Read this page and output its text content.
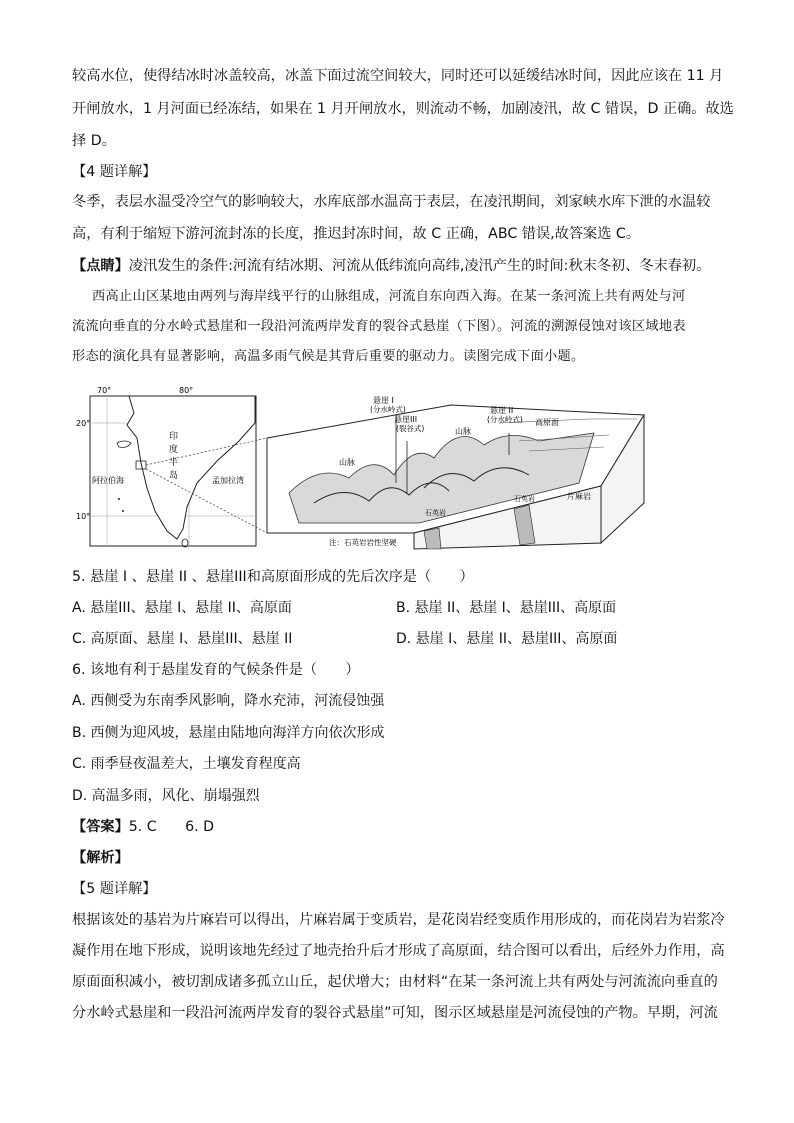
较高水位，使得结冰时冰盖较高，冰盖下面过流空间较大，同时还可以延缓结冰时间，因此应该在 11 月
开闸放水，1 月河面已经冻结，如果在 1 月开闸放水，则流动不畅，加剧凌汛，故 C 错误，D 正确。故选
择 D。
【4 题详解】
冬季，表层水温受冷空气的影响较大，水库底部水温高于表层，在凌汛期间，刘家峡水库下泄的水温较
高，有利于缩短下游河流封冻的长度，推迟封冻时间，故 C 正确，ABC 错误,故答案选 C。
【点睛】凌汛发生的条件:河流有结冰期、河流从低纬流向高纬,凌汛产生的时间:秋末冬初、冬末春初。
西高止山区某地由两列与海岸线平行的山脉组成，河流自东向西入海。在某一条河流上共有两处与河
流流向垂直的分水岭式悬崖和一段沿河流两岸发育的裂谷式悬崖（下图）。河流的溯源侵蚀对该区域地表
形态的演化具有显著影响，高温多雨气候是其背后重要的驱动力。读图完成下面小题。
70°	80°
20°
10°
印
度
半
岛
阿拉伯海	孟加拉湾
悬崖 I
(分水岭式)
悬崖III
(裂谷式)
悬崖 II
(分水岭式)
山脉
山脉
高原面
石英岩
石英岩	片麻岩
注：石英岩岩性坚硬
5. 悬崖 I 、悬崖 II 、悬崖III和高原面形成的先后次序是（　　）
A. 悬崖III、悬崖 I、悬崖 II、高原面	B. 悬崖 II、悬崖 I、悬崖III、高原面
C. 高原面、悬崖 I、悬崖III、悬崖 II	D. 悬崖 I、悬崖 II、悬崖III、高原面
6. 该地有利于悬崖发育的气候条件是（　　）
A. 西侧受为东南季风影响，降水充沛，河流侵蚀强
B. 西侧为迎风坡，悬崖由陆地向海洋方向依次形成
C. 雨季昼夜温差大，土壤发育程度高
D. 高温多雨，风化、崩塌强烈
【答案】5. C　　6. D
【解析】
【5 题详解】
根据该处的基岩为片麻岩可以得出，片麻岩属于变质岩，是花岗岩经变质作用形成的，而花岗岩为岩浆冷
凝作用在地下形成，说明该地先经过了地壳抬升后才形成了高原面，结合图可以看出，后经外力作用，高
原面面积减小，被切割成诸多孤立山丘，起伏增大；由材料“在某一条河流上共有两处与河流流向垂直的
分水岭式悬崖和一段沿河流两岸发育的裂谷式悬崖”可知，图示区域悬崖是河流侵蚀的产物。早期，河流
